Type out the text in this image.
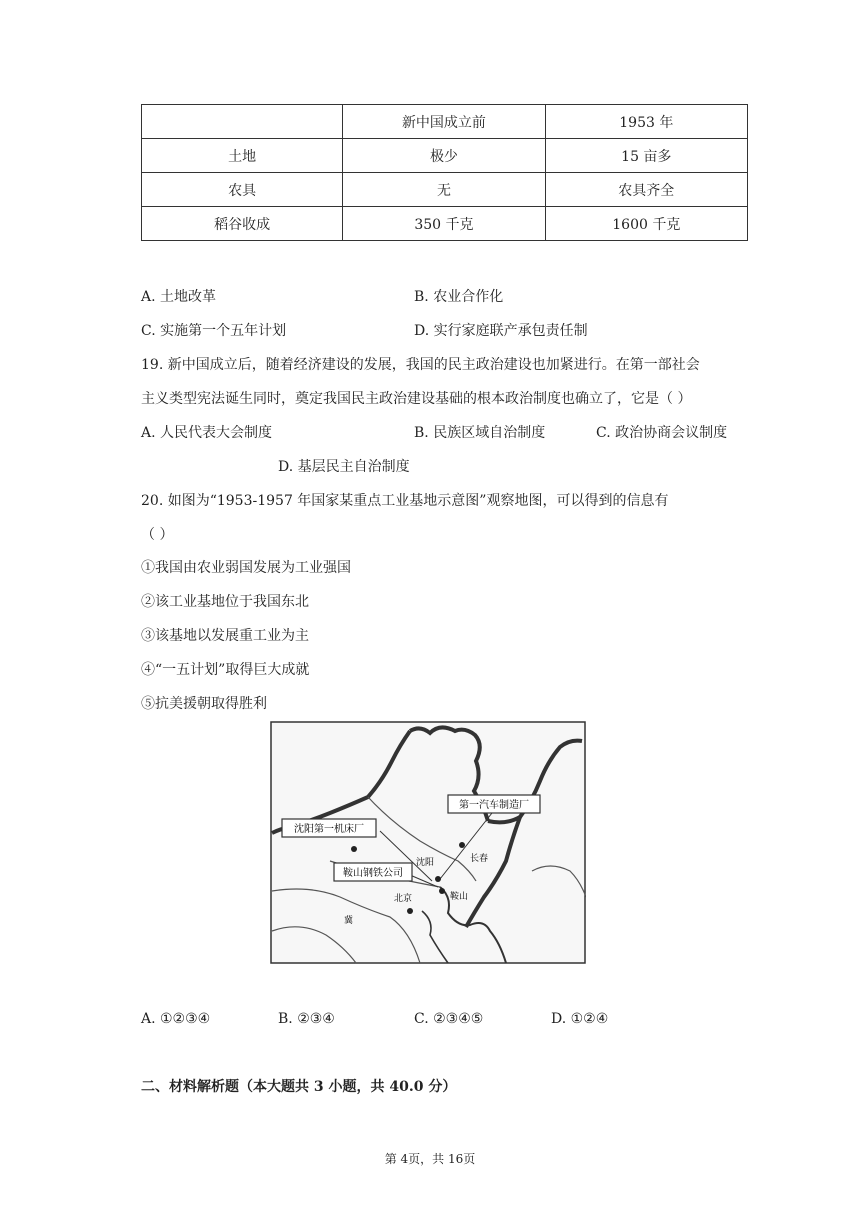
	新中国成立前	1953 年
土地	极少	15 亩多
农具	无	农具齐全
稻谷收成	350 千克	1600 千克
A. 土地改革	B. 农业合作化
C. 实施第一个五年计划	D. 实行家庭联产承包责任制
19. 新中国成立后，随着经济建设的发展，我国的民主政治建设也加紧进行。在第一部社会
主义类型宪法诞生同时，奠定我国民主政治建设基础的根本政治制度也确立了，它是（ ）
A. 人民代表大会制度	B. 民族区域自治制度	C. 政治协商会议制度
D. 基层民主自治制度
20. 如图为“1953-1957 年国家某重点工业基地示意图”观察地图，可以得到的信息有
（ ）
①我国由农业弱国发展为工业强国
②该工业基地位于我国东北
③该基地以发展重工业为主
④“一五计划”取得巨大成就
⑤抗美援朝取得胜利
第一汽车制造厂
沈阳第一机床厂
鞍山钢铁公司
长春
沈阳
鞍山
北京
冀
A. ①②③④	B. ②③④	C. ②③④⑤	D. ①②④
二、材料解析题（本大题共 3 小题，共 40.0 分）
第 4页，共 16页
